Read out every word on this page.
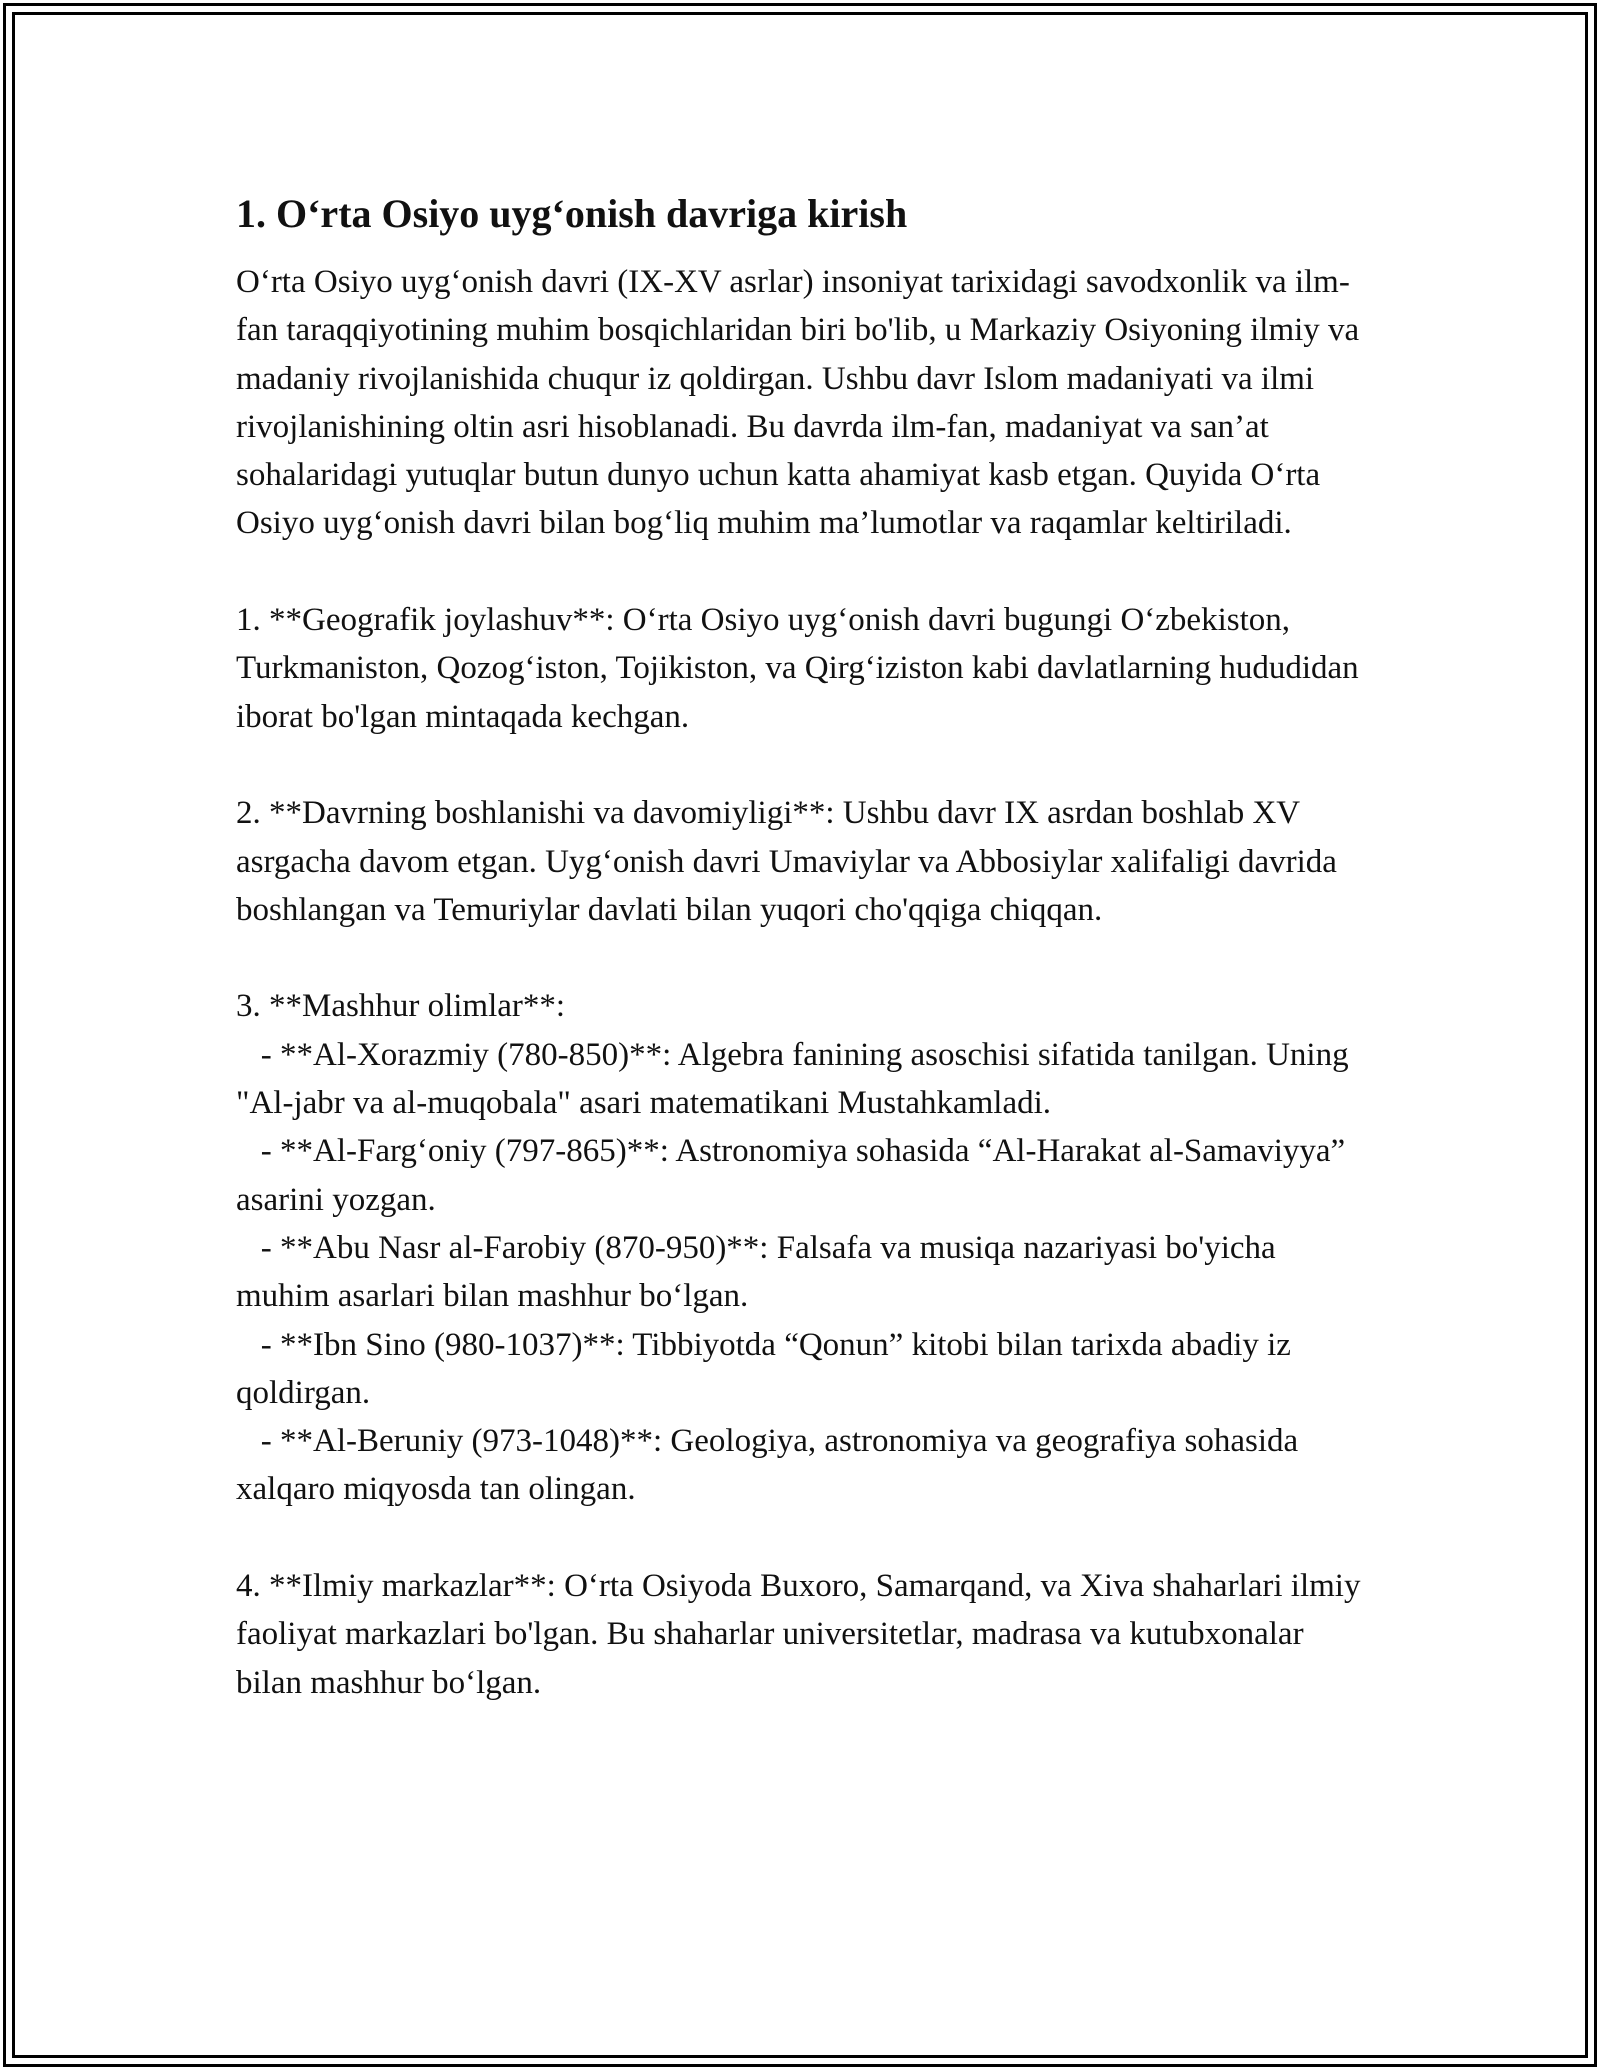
1. O‘rta Osiyo uyg‘onish davriga kirish

O‘rta Osiyo uyg‘onish davri (IX-XV asrlar) insoniyat tarixidagi savodxonlik va ilm-fan taraqqiyotining muhim bosqichlaridan biri bo'lib, u Markaziy Osiyoning ilmiy va madaniy rivojlanishida chuqur iz qoldirgan. Ushbu davr Islom madaniyati va ilmi rivojlanishining oltin asri hisoblanadi. Bu davrda ilm-fan, madaniyat va san’at sohalaridagi yutuqlar butun dunyo uchun katta ahamiyat kasb etgan. Quyida O‘rta Osiyo uyg‘onish davri bilan bog‘liq muhim ma’lumotlar va raqamlar keltiriladi.

1. **Geografik joylashuv**: O‘rta Osiyo uyg‘onish davri bugungi O‘zbekiston, Turkmaniston, Qozog‘iston, Tojikiston, va Qirg‘iziston kabi davlatlarning hududidan iborat bo'lgan mintaqada kechgan.

2. **Davrning boshlanishi va davomiyligi**: Ushbu davr IX asrdan boshlab XV asrgacha davom etgan. Uyg‘onish davri Umaviylar va Abbosiylar xalifaligi davrida boshlangan va Temuriylar davlati bilan yuqori cho'qqiga chiqqan.

3. **Mashhur olimlar**:
- **Al-Xorazmiy (780-850)**: Algebra fanining asoschisi sifatida tanilgan. Uning "Al-jabr va al-muqobala" asari matematikani Mustahkamladi.
- **Al-Farg‘oniy (797-865)**: Astronomiya sohasida “Al-Harakat al-Samaviyya” asarini yozgan.
- **Abu Nasr al-Farobiy (870-950)**: Falsafa va musiqa nazariyasi bo'yicha muhim asarlari bilan mashhur bo‘lgan.
- **Ibn Sino (980-1037)**: Tibbiyotda “Qonun” kitobi bilan tarixda abadiy iz qoldirgan.
- **Al-Beruniy (973-1048)**: Geologiya, astronomiya va geografiya sohasida xalqaro miqyosda tan olingan.

4. **Ilmiy markazlar**: O‘rta Osiyoda Buxoro, Samarqand, va Xiva shaharlari ilmiy faoliyat markazlari bo'lgan. Bu shaharlar universitetlar, madrasa va kutubxonalar bilan mashhur bo‘lgan.
